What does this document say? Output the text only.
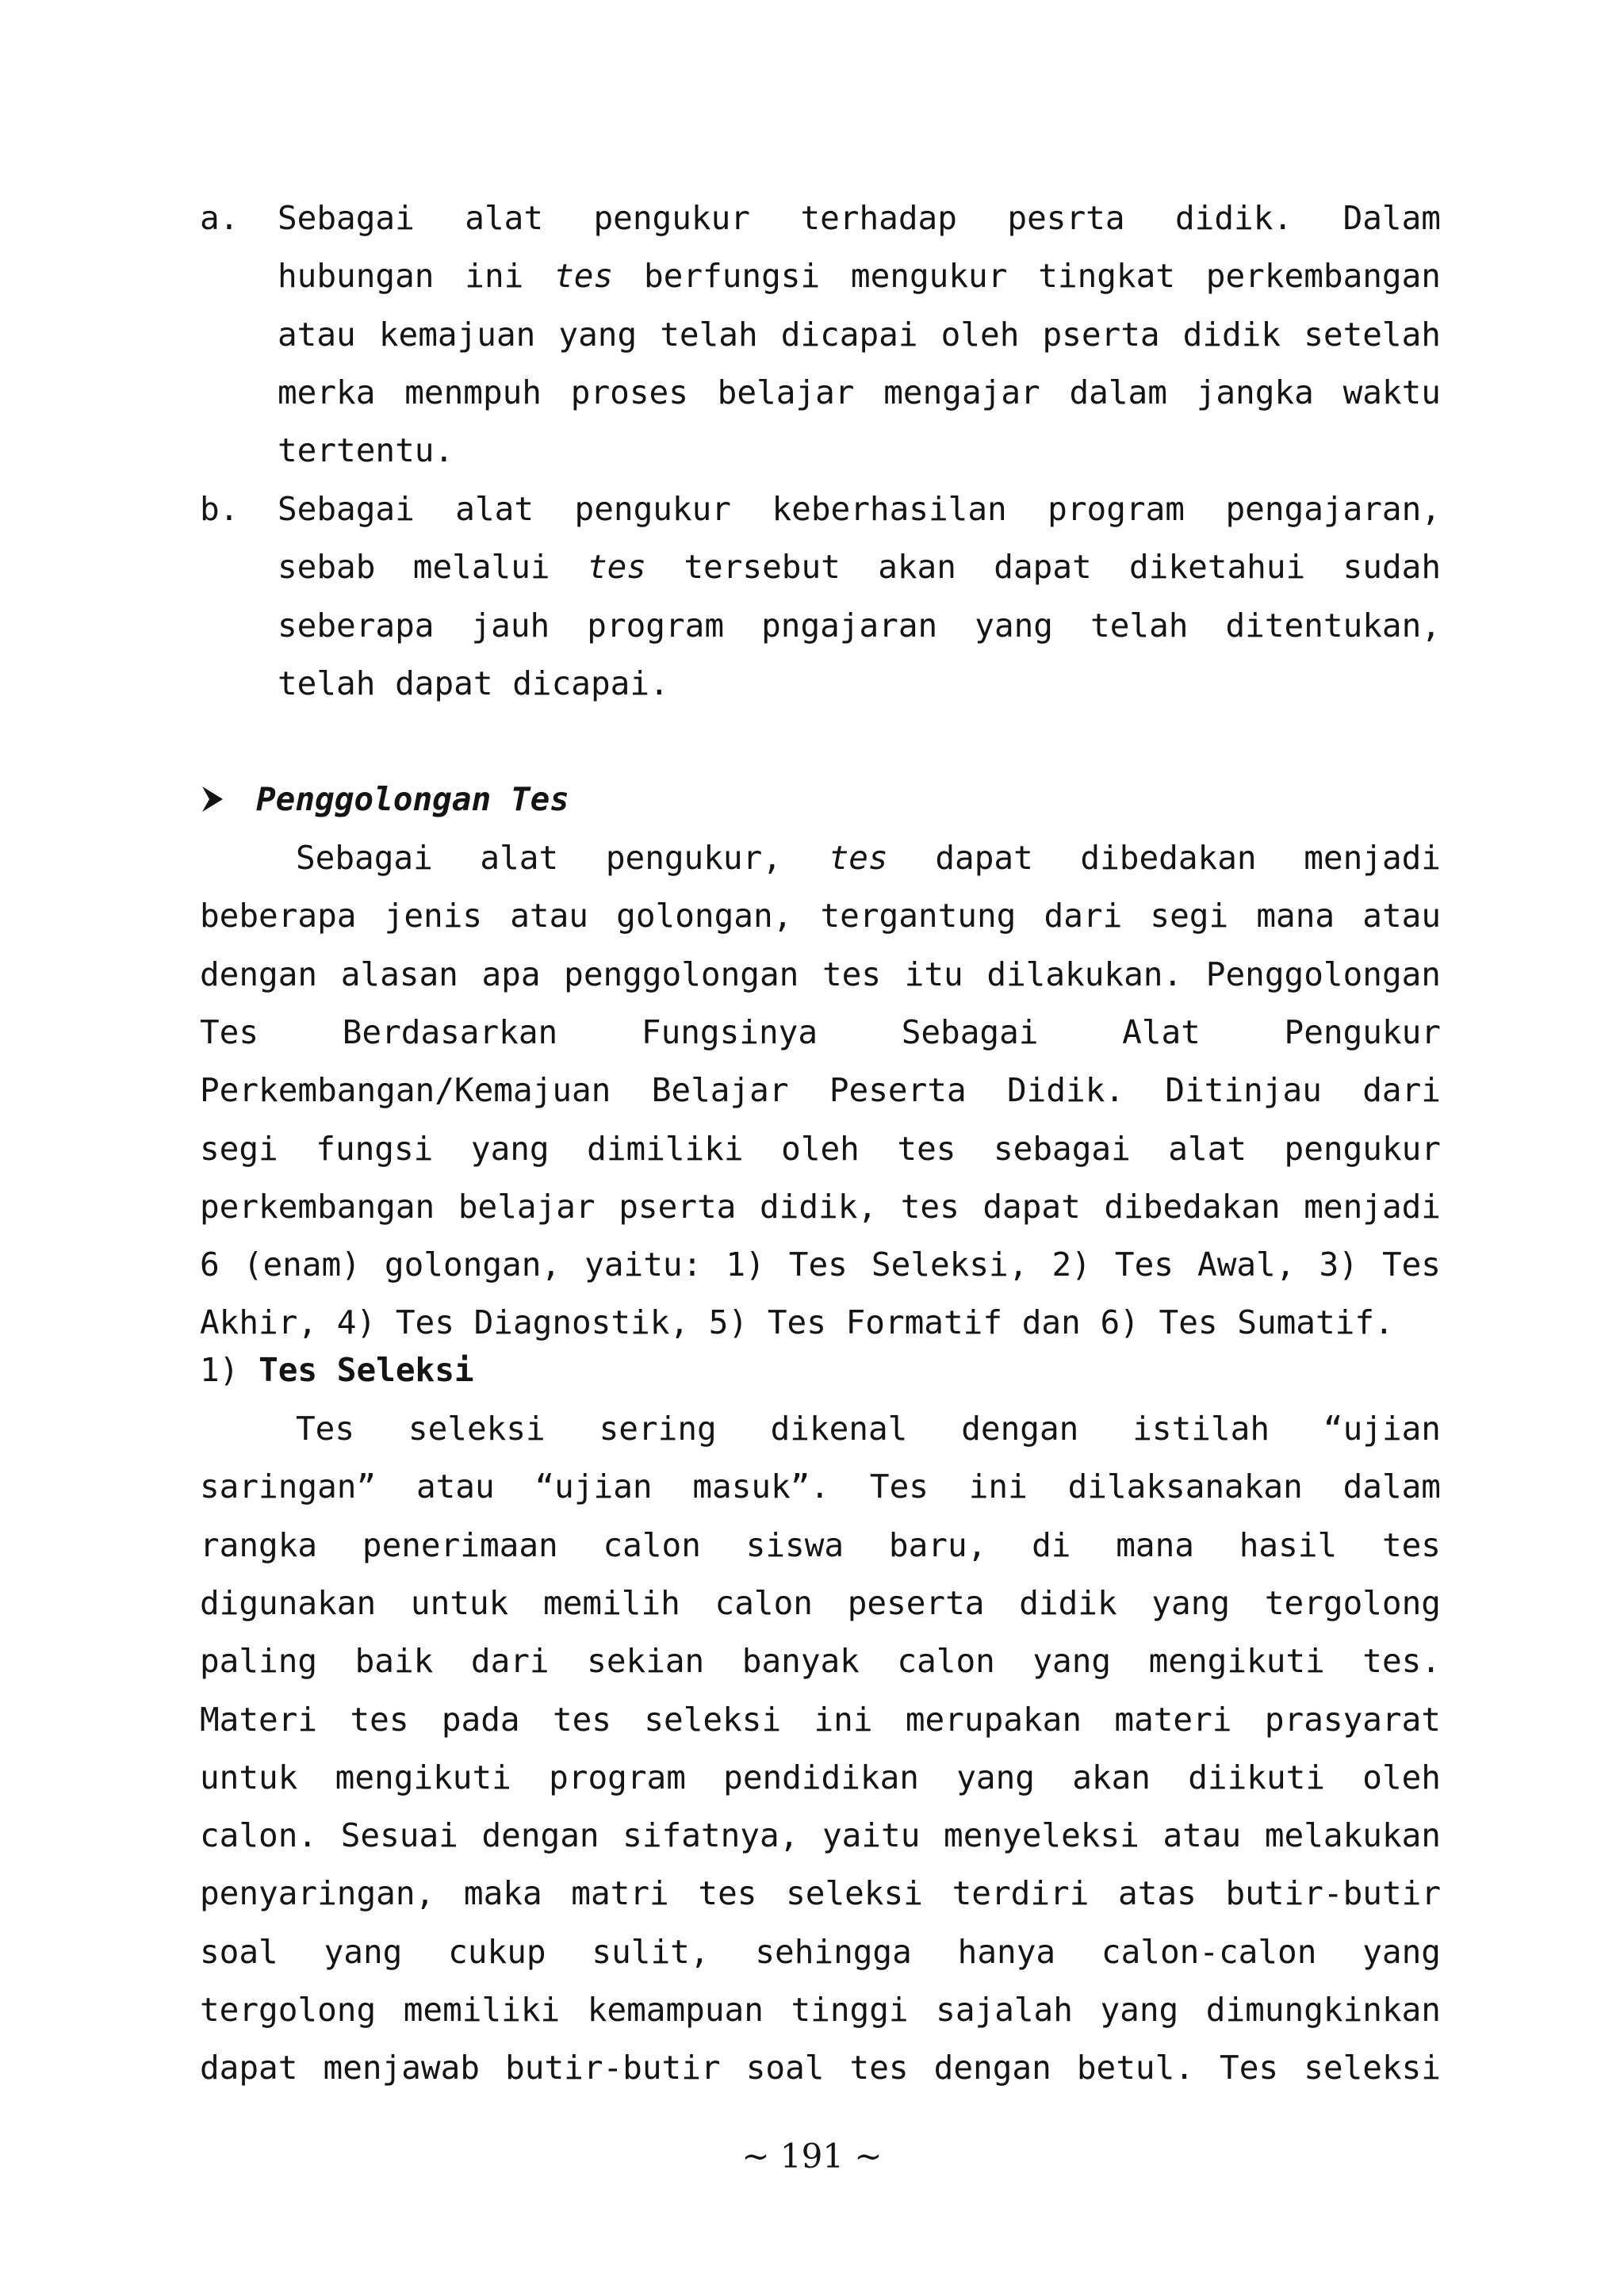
a. Sebagai alat pengukur terhadap pesrta didik. Dalam
hubungan ini tes berfungsi mengukur tingkat perkembangan
atau kemajuan yang telah dicapai oleh pserta didik setelah
merka menmpuh proses belajar mengajar dalam jangka waktu
tertentu.
b. Sebagai alat pengukur keberhasilan program pengajaran,
sebab melalui tes tersebut akan dapat diketahui sudah
seberapa jauh program pngajaran yang telah ditentukan,
telah dapat dicapai.
Penggolongan Tes
Sebagai alat pengukur, tes dapat dibedakan menjadi
beberapa jenis atau golongan, tergantung dari segi mana atau
dengan alasan apa penggolongan tes itu dilakukan. Penggolongan
Tes Berdasarkan Fungsinya Sebagai Alat Pengukur
Perkembangan/Kemajuan Belajar Peserta Didik. Ditinjau dari
segi fungsi yang dimiliki oleh tes sebagai alat pengukur
perkembangan belajar pserta didik, tes dapat dibedakan menjadi
6 (enam) golongan, yaitu: 1) Tes Seleksi, 2) Tes Awal, 3) Tes
Akhir, 4) Tes Diagnostik, 5) Tes Formatif dan 6) Tes Sumatif.
1) Tes Seleksi
Tes seleksi sering dikenal dengan istilah “ujian
saringan” atau “ujian masuk”. Tes ini dilaksanakan dalam
rangka penerimaan calon siswa baru, di mana hasil tes
digunakan untuk memilih calon peserta didik yang tergolong
paling baik dari sekian banyak calon yang mengikuti tes.
Materi tes pada tes seleksi ini merupakan materi prasyarat
untuk mengikuti program pendidikan yang akan diikuti oleh
calon. Sesuai dengan sifatnya, yaitu menyeleksi atau melakukan
penyaringan, maka matri tes seleksi terdiri atas butir-butir
soal yang cukup sulit, sehingga hanya calon-calon yang
tergolong memiliki kemampuan tinggi sajalah yang dimungkinkan
dapat menjawab butir-butir soal tes dengan betul. Tes seleksi
~ 191 ~
